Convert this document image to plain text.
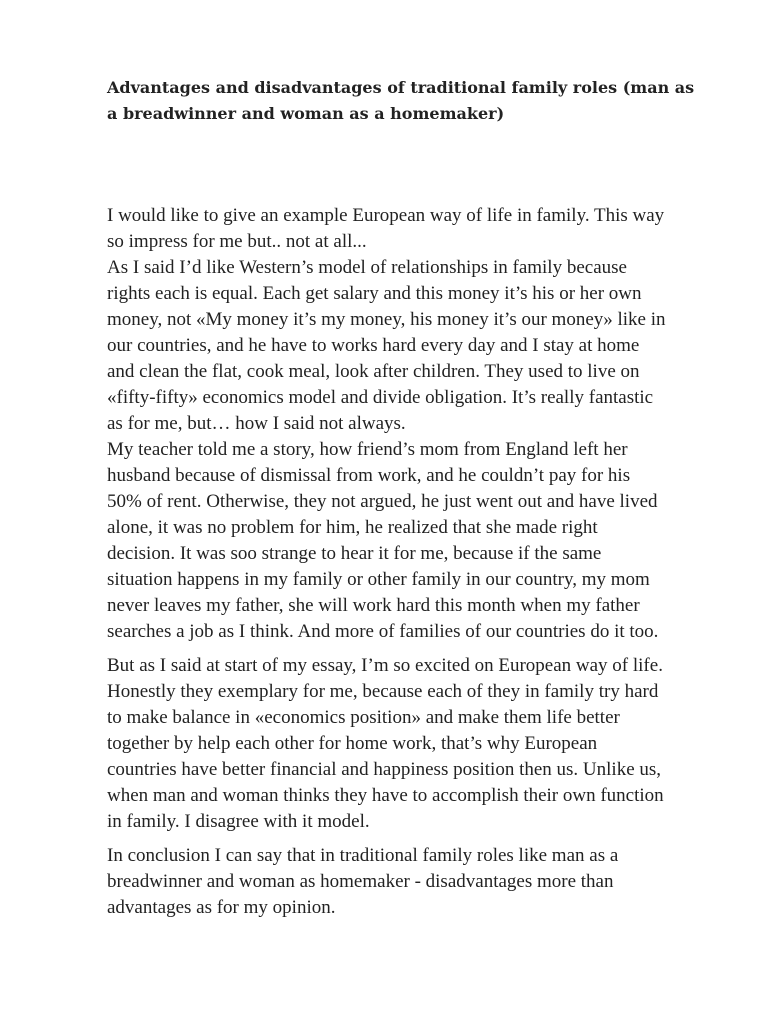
Advantages and disadvantages of traditional family roles (man as a breadwinner and woman as a homemaker)

I would like to give an example European way of life in family. This way
so impress for me but.. not at all...
As I said I’d like Western’s model of relationships in family because
rights each is equal. Each get salary and this money it’s his or her own
money, not «My money it’s my money, his money it’s our money» like in
our countries, and he have to works hard every day and I stay at home
and clean the flat, cook meal, look after children. They used to live on
«fifty-fifty» economics model and divide obligation. It’s really fantastic
as for me, but… how I said not always.
My teacher told me a story, how friend’s mom from England left her
husband because of dismissal from work, and he couldn’t pay for his
50% of rent. Otherwise, they not argued, he just went out and have lived
alone, it was no problem for him, he realized that she made right
decision. It was soo strange to hear it for me, because if the same
situation happens in my family or other family in our country, my mom
never leaves my father, she will work hard this month when my father
searches a job as I think. And more of families of our countries do it too.

But as I said at start of my essay, I’m so excited on European way of life.
Honestly they exemplary for me, because each of they in family try hard
to make balance in «economics position» and make them life better
together by help each other for home work, that’s why European
countries have better financial and happiness position then us. Unlike us,
when man and woman thinks they have to accomplish their own function
in family. I disagree with it model.

In conclusion I can say that in traditional family roles like man as a
breadwinner and woman as homemaker - disadvantages more than
advantages as for my opinion.
